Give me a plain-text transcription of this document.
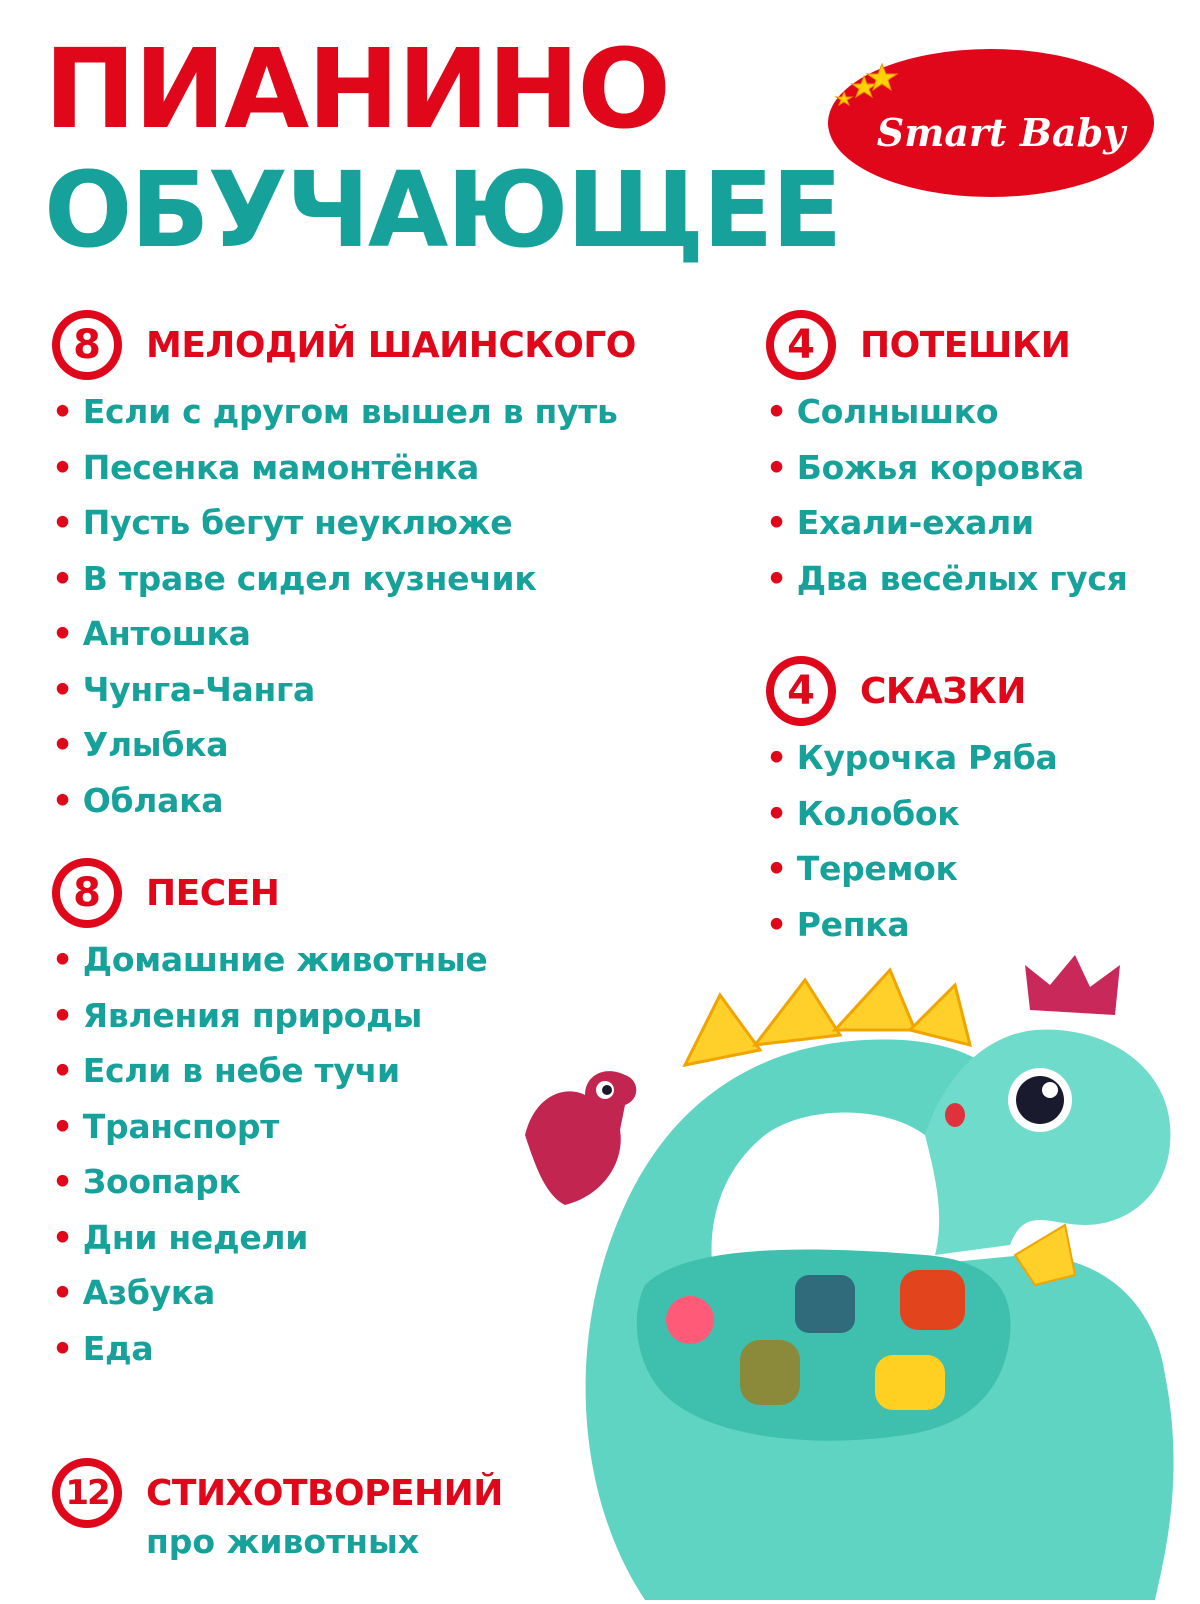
ПИАНИНО
ОБУЧАЮЩЕЕ
Smart Baby
8	МЕЛОДИЙ ШАИНСКОГО
• Если с другом вышел в путь
• Песенка мамонтёнка
• Пусть бегут неуклюже
• В траве сидел кузнечик
• Антошка
• Чунга-Чанга
• Улыбка
• Облака
8	ПЕСЕН
• Домашние животные
• Явления природы
• Если в небе тучи
• Транспорт
• Зоопарк
• Дни недели
• Азбука
• Еда
12 СТИХОТВОРЕНИЙ
про животных
4	ПОТЕШКИ
• Солнышко
• Божья коровка
• Ехали-ехали
• Два весёлых гуся
4	СКАЗКИ
• Курочка Ряба
• Колобок
• Теремок
• Репка
